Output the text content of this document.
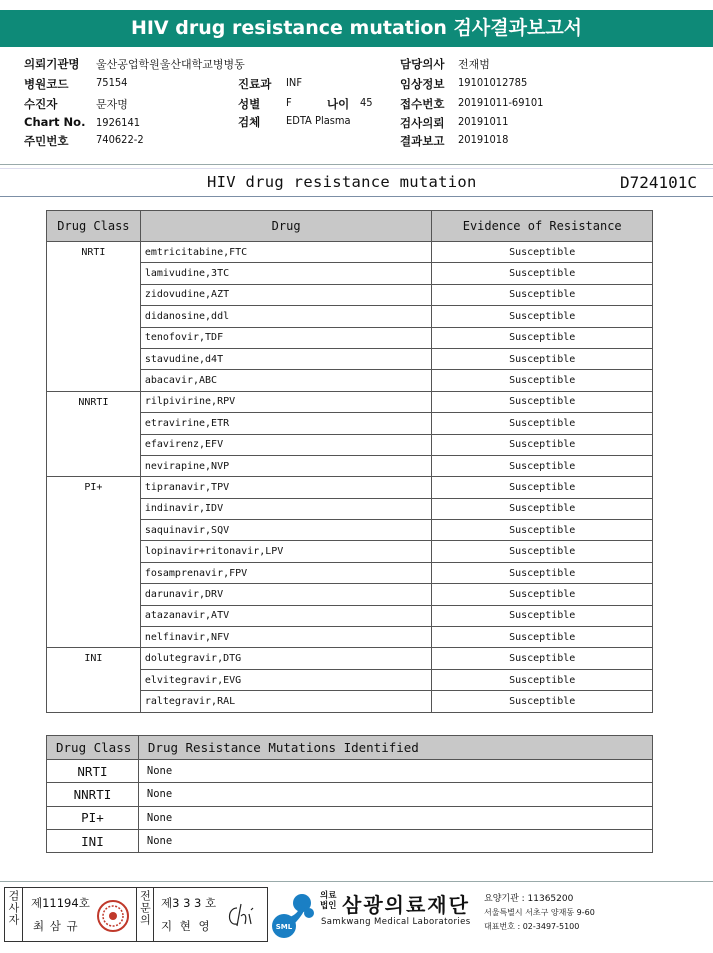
HIV drug resistance mutation 검사결과보고서
의뢰기관명 울산공업학원울산대학교병병동
병원코드	75154
수진자	문자명
Chart No. 1926141
주민번호	740622-2
진료과 INF
성별 F	나이 45
검체 EDTA Plasma
담당의사 전재범
임상정보 19101012785
접수번호 20191011-69101
검사의뢰 20191011
결과보고 20191018
HIV drug resistance mutation	D724101C
Drug Class	Drug	Evidence of Resistance
NRTI	emtricitabine,FTC	Susceptible
	lamivudine,3TC	Susceptible
	zidovudine,AZT	Susceptible
	didanosine,ddl	Susceptible
	tenofovir,TDF	Susceptible
	stavudine,d4T	Susceptible
	abacavir,ABC	Susceptible
NNRTI	rilpivirine,RPV	Susceptible
	etravirine,ETR	Susceptible
	efavirenz,EFV	Susceptible
	nevirapine,NVP	Susceptible
PI+	tipranavir,TPV	Susceptible
	indinavir,IDV	Susceptible
	saquinavir,SQV	Susceptible
	lopinavir+ritonavir,LPV	Susceptible
	fosamprenavir,FPV	Susceptible
	darunavir,DRV	Susceptible
	atazanavir,ATV	Susceptible
	nelfinavir,NFV	Susceptible
INI	dolutegravir,DTG	Susceptible
	elvitegravir,EVG	Susceptible
	raltegravir,RAL	Susceptible
Drug Class	Drug Resistance Mutations Identified
NRTI	None
NNRTI	None
PI+	None
INI	None
검사자 제11194호
최 삼 규	전문의 제3 3 3 호
지 현 영	SML
의료법인 삼광의료재단
Samkwang Medical Laboratories
요양기관 : 11365200
서울특별시 서초구 양재동 9-60
대표번호 : 02-3497-5100
